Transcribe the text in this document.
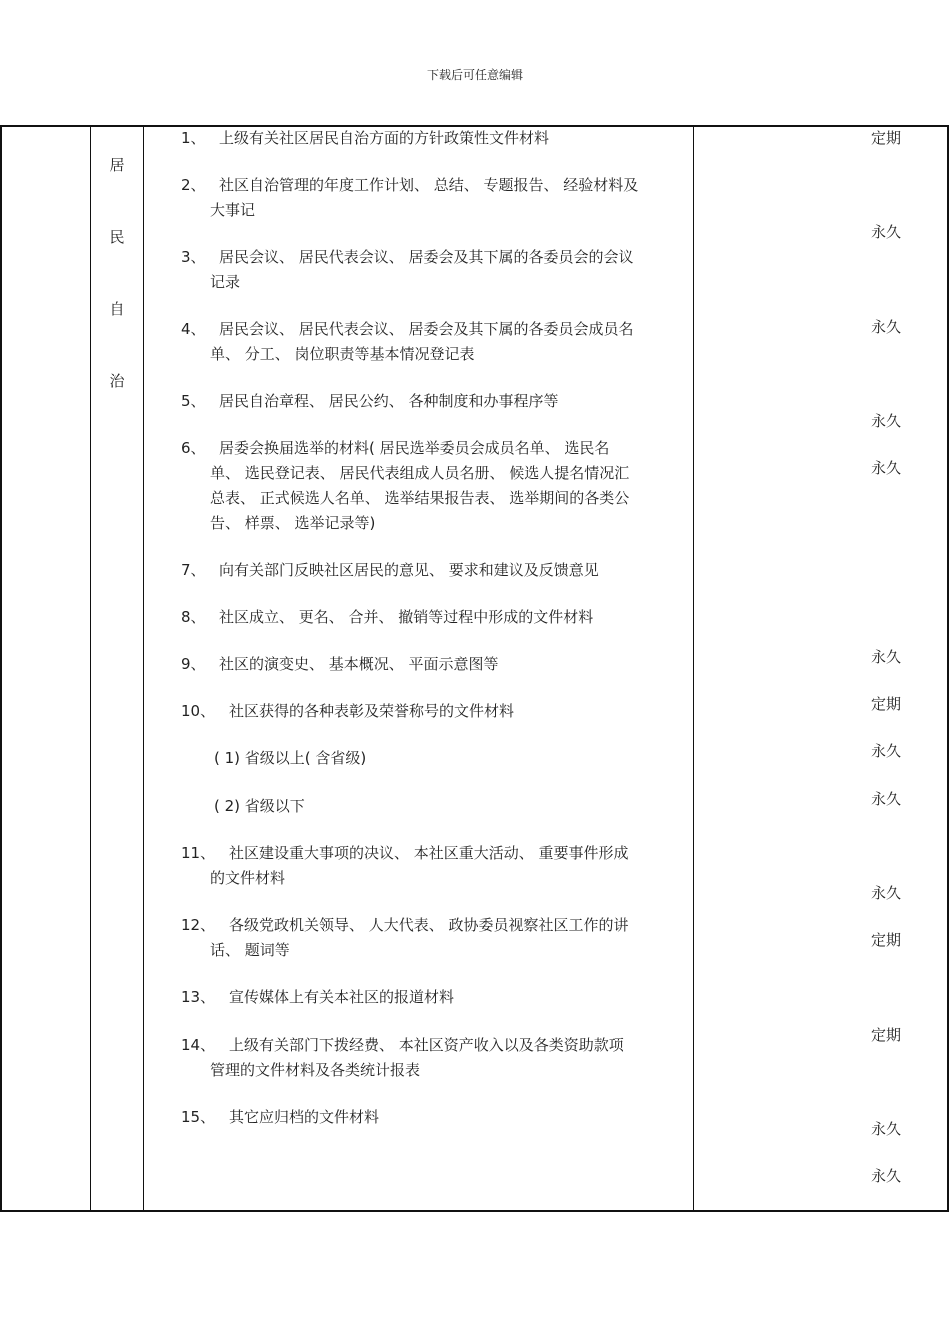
下载后可任意编辑
居
民
自
治
1、 上级有关社区居民自治方面的方针政策性文件材料
2、 社区自治管理的年度工作计划、 总结、 专题报告、 经验材料及
大事记
3、 居民会议、 居民代表会议、 居委会及其下属的各委员会的会议
记录
4、 居民会议、 居民代表会议、 居委会及其下属的各委员会成员名
单、 分工、 岗位职责等基本情况登记表
5、 居民自治章程、 居民公约、 各种制度和办事程序等
6、 居委会换届选举的材料( 居民选举委员会成员名单、 选民名
单、 选民登记表、 居民代表组成人员名册、 候选人提名情况汇
总表、 正式候选人名单、 选举结果报告表、 选举期间的各类公
告、 样票、 选举记录等)
7、 向有关部门反映社区居民的意见、 要求和建议及反馈意见
8、 社区成立、 更名、 合并、 撤销等过程中形成的文件材料
9、 社区的演变史、 基本概况、 平面示意图等
10、 社区获得的各种表彰及荣誉称号的文件材料
( 1) 省级以上( 含省级)
( 2) 省级以下
11、 社区建设重大事项的决议、 本社区重大活动、 重要事件形成
的文件材料
12、 各级党政机关领导、 人大代表、 政协委员视察社区工作的讲
话、 题词等
13、 宣传媒体上有关本社区的报道材料
14、 上级有关部门下拨经费、 本社区资产收入以及各类资助款项
管理的文件材料及各类统计报表
15、 其它应归档的文件材料
定期
永久
永久
永久
永久
永久
定期
永久
永久
永久
定期
定期
永久
永久
